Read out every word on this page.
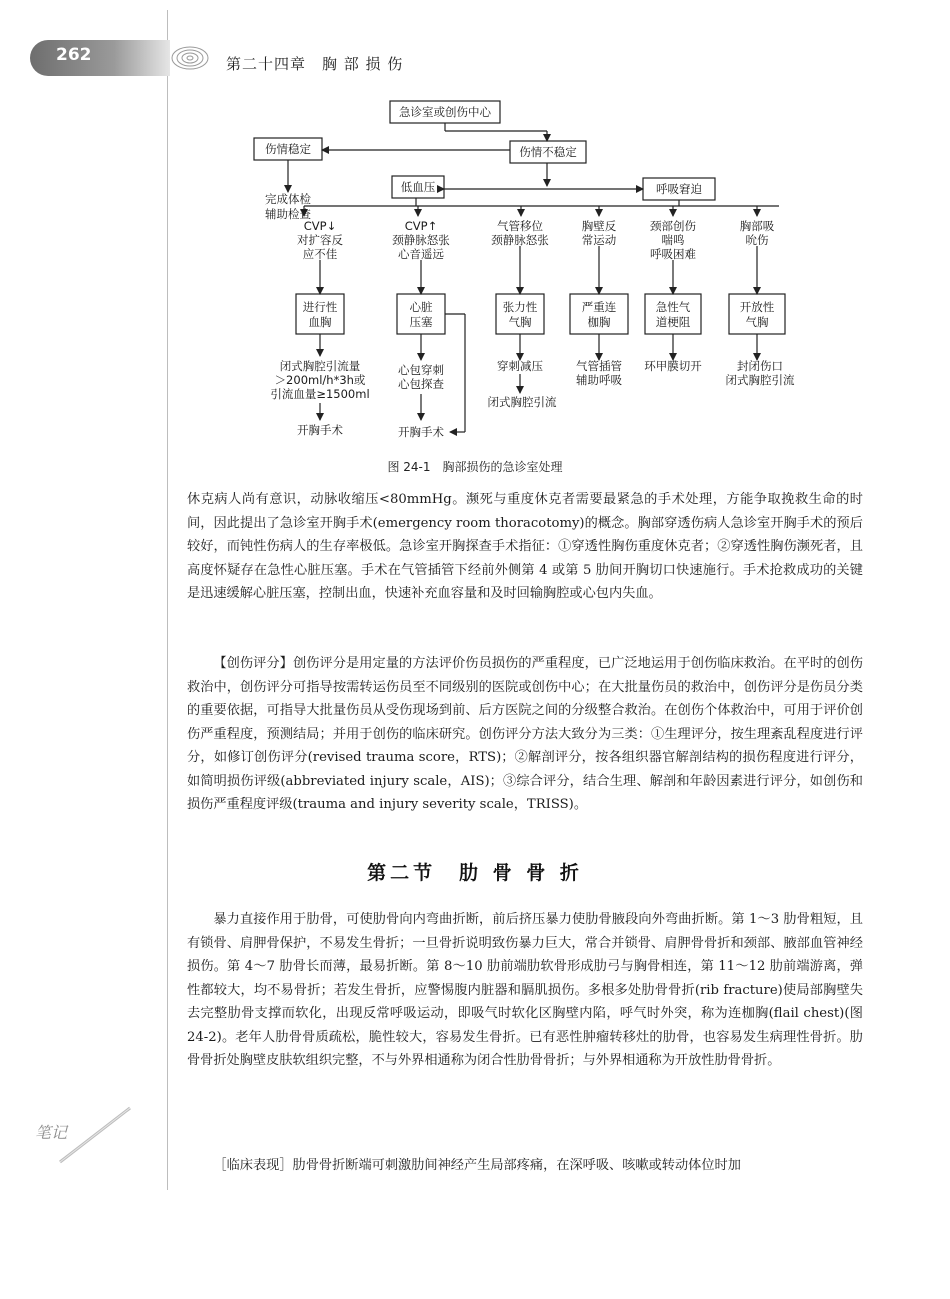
262	第二十四章　胸 部 损 伤
急诊室或创伤中心
伤情稳定	伤情不稳定
低血压	呼吸窘迫
完成体检
辅助检查
CVP↓
对扩容反
应不佳
CVP↑
颈静脉怒张
心音遥远
气管移位
颈静脉怒张
胸壁反
常运动
颈部创伤
喘鸣
呼吸困难
胸部吸
吮伤
进行性
血胸
心脏
压塞
张力性
气胸
严重连
枷胸
急性气
道梗阻
开放性
气胸
闭式胸腔引流量
＞200ml/h*3h或
引流血量≥1500ml
心包穿刺
心包探查
穿刺减压
闭式胸腔引流
气管插管
辅助呼吸
环甲膜切开	封闭伤口
闭式胸腔引流
开胸手术	开胸手术
图 24-1　胸部损伤的急诊室处理

休克病人尚有意识，动脉收缩压<80mmHg。濒死与重度休克者需要最紧急的手术处理，方能争取挽救生命的时间，因此提出了急诊室开胸手术(emergency room thoracotomy)的概念。胸部穿透伤病人急诊室开胸手术的预后较好，而钝性伤病人的生存率极低。急诊室开胸探查手术指征：①穿透性胸伤重度休克者；②穿透性胸伤濒死者，且高度怀疑存在急性心脏压塞。手术在气管插管下经前外侧第 4 或第 5 肋间开胸切口快速施行。手术抢救成功的关键是迅速缓解心脏压塞，控制出血，快速补充血容量和及时回输胸腔或心包内失血。

【创伤评分】创伤评分是用定量的方法评价伤员损伤的严重程度，已广泛地运用于创伤临床救治。在平时的创伤救治中，创伤评分可指导按需转运伤员至不同级别的医院或创伤中心；在大批量伤员的救治中，创伤评分是伤员分类的重要依据，可指导大批量伤员从受伤现场到前、后方医院之间的分级整合救治。在创伤个体救治中，可用于评价创伤严重程度，预测结局；并用于创伤的临床研究。创伤评分方法大致分为三类：①生理评分，按生理紊乱程度进行评分，如修订创伤评分(revised trauma score，RTS)；②解剖评分，按各组织器官解剖结构的损伤程度进行评分，如简明损伤评级(abbreviated injury scale，AIS)；③综合评分，结合生理、解剖和年龄因素进行评分，如创伤和损伤严重程度评级(trauma and injury severity scale，TRISS)。

第二节　肋 骨 骨 折

暴力直接作用于肋骨，可使肋骨向内弯曲折断，前后挤压暴力使肋骨腋段向外弯曲折断。第 1～3 肋骨粗短，且有锁骨、肩胛骨保护，不易发生骨折；一旦骨折说明致伤暴力巨大，常合并锁骨、肩胛骨骨折和颈部、腋部血管神经损伤。第 4～7 肋骨长而薄，最易折断。第 8～10 肋前端肋软骨形成肋弓与胸骨相连，第 11～12 肋前端游离，弹性都较大，均不易骨折；若发生骨折，应警惕腹内脏器和膈肌损伤。多根多处肋骨骨折(rib fracture)使局部胸壁失去完整肋骨支撑而软化，出现反常呼吸运动，即吸气时软化区胸壁内陷，呼气时外突，称为连枷胸(flail chest)(图 24-2)。老年人肋骨骨质疏松，脆性较大，容易发生骨折。已有恶性肿瘤转移灶的肋骨，也容易发生病理性骨折。肋骨骨折处胸壁皮肤软组织完整，不与外界相通称为闭合性肋骨骨折；与外界相通称为开放性肋骨骨折。

［临床表现］肋骨骨折断端可刺激肋间神经产生局部疼痛，在深呼吸、咳嗽或转动体位时加

笔记
